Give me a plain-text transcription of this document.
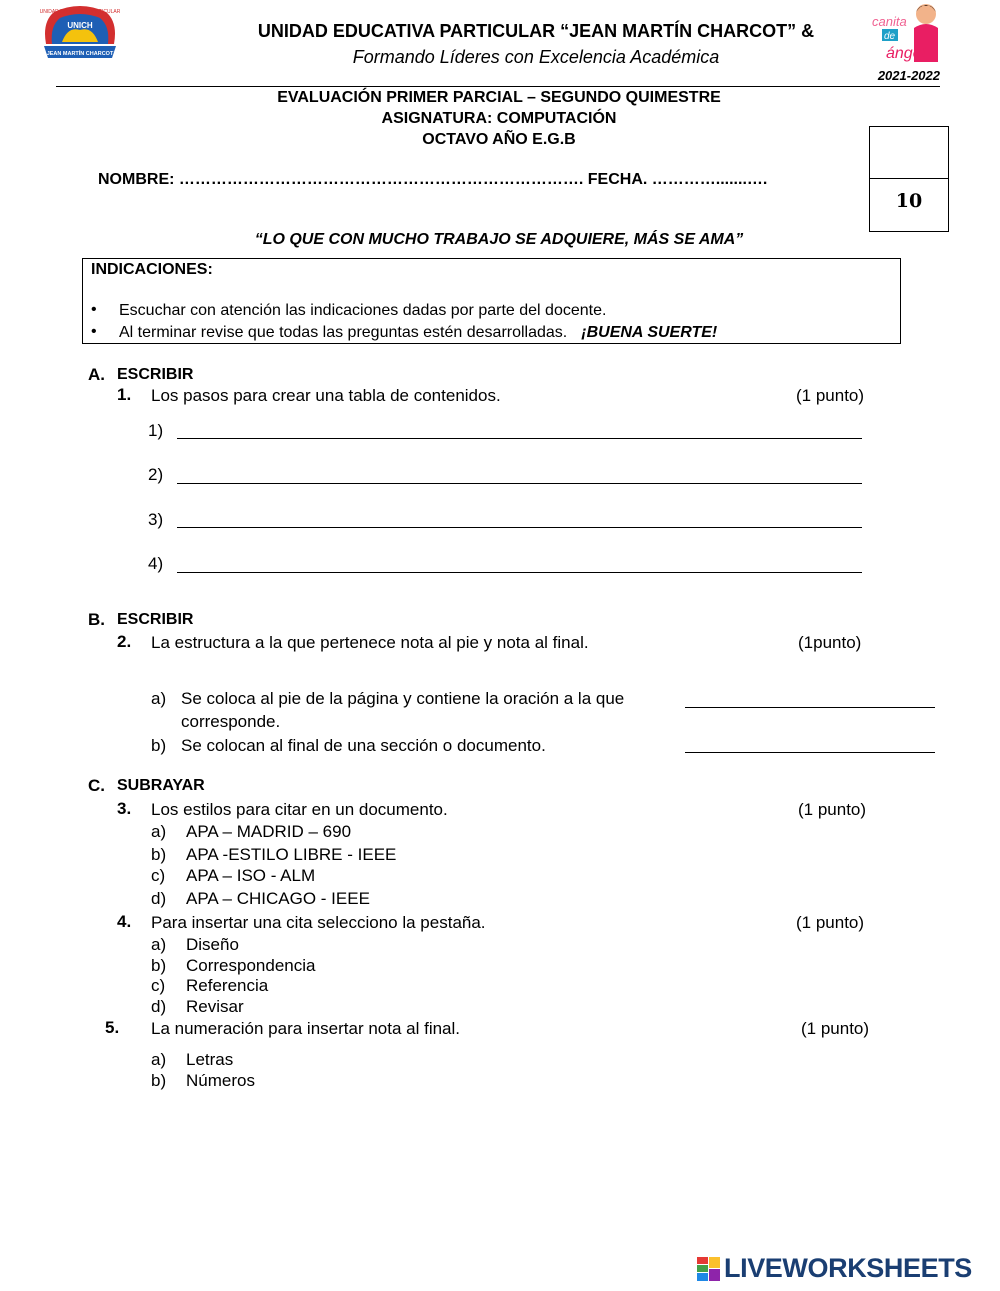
UNIDAD EDUCATIVA PARTICULAR
UNICH
JEAN MARTÍN CHARCOT
canita
de
ángel
UNIDAD EDUCATIVA PARTICULAR “JEAN MARTÍN CHARCOT” &
Formando Líderes con Excelencia Académica
2021-2022
EVALUACIÓN PRIMER PARCIAL – SEGUNDO QUIMESTRE
ASIGNATURA: COMPUTACIÓN
OCTAVO AÑO E.G.B
10
NOMBRE: …………………………………………………………………. FECHA. ………….......….
“LO QUE CON MUCHO TRABAJO SE ADQUIERE, MÁS SE AMA”
INDICACIONES:
• Escuchar con atención las indicaciones dadas por parte del docente.
• Al terminar revise que todas las preguntas estén desarrolladas. ¡BUENA SUERTE!
A. ESCRIBIR
1. Los pasos para crear una tabla de contenidos.	(1 punto)
1)
2)
3)
4)
B. ESCRIBIR
2. La estructura a la que pertenece nota al pie y nota al final.	(1punto)
a) Se coloca al pie de la página y contiene la oración a la que
corresponde.
b) Se colocan al final de una sección o documento.
C. SUBRAYAR
3. Los estilos para citar en un documento.	(1 punto)
a) APA – MADRID – 690
b) APA -ESTILO LIBRE - IEEE
c) APA – ISO - ALM
d) APA – CHICAGO - IEEE
4. Para insertar una cita selecciono la pestaña.	(1 punto)
a) Diseño
b) Correspondencia
c) Referencia
d) Revisar
5. La numeración para insertar nota al final.	(1 punto)
a) Letras
b) Números
LIVEWORKSHEETS
